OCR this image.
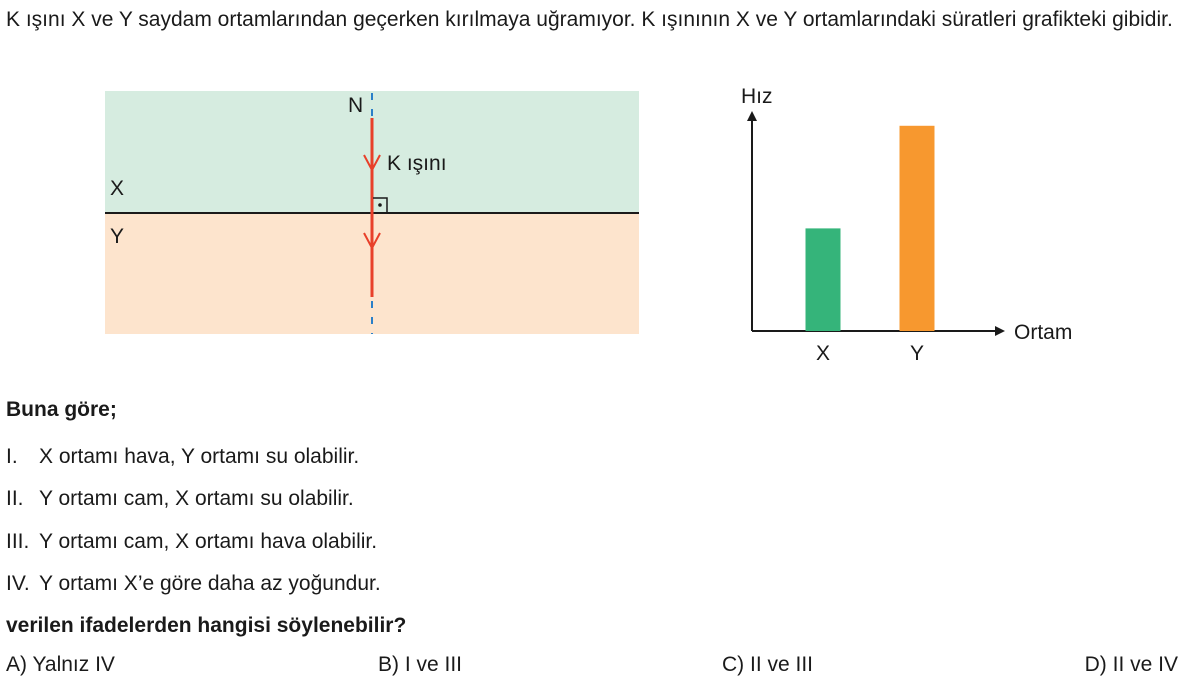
K ışını X ve Y saydam ortamlarından geçerken kırılmaya uğramıyor. K ışınının X ve Y ortamlarındaki süratleri grafikteki gibidir.
N
K ışını
X
Y
Hız
Ortam
X	Y
Buna göre;
I. X ortamı hava, Y ortamı su olabilir.
II. Y ortamı cam, X ortamı su olabilir.
III. Y ortamı cam, X ortamı hava olabilir.
IV. Y ortamı X’e göre daha az yoğundur.
verilen ifadelerden hangisi söylenebilir?
A) Yalnız IV	B) I ve III	C) II ve III	D) II ve IV
